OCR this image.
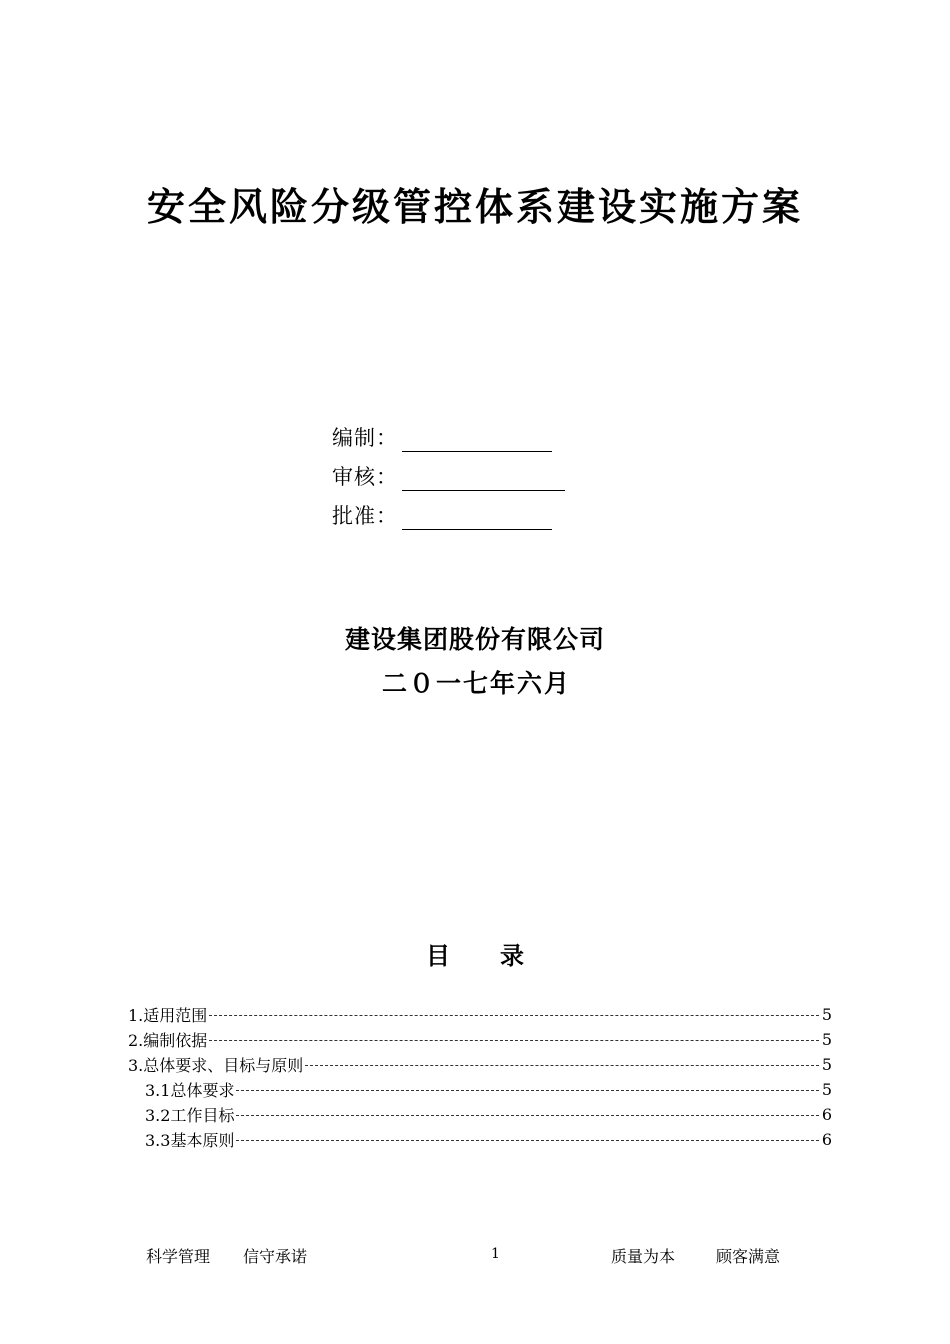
安全风险分级管控体系建设实施方案
编制：
审核：
批准：
建设集团股份有限公司
二０一七年六月
目 录
1.适用范围	5
2.编制依据	5
3.总体要求、目标与原则	5
3.1总体要求	5
3.2工作目标	6
3.3基本原则	6
科学管理 信守承诺	1	质量为本	顾客满意
